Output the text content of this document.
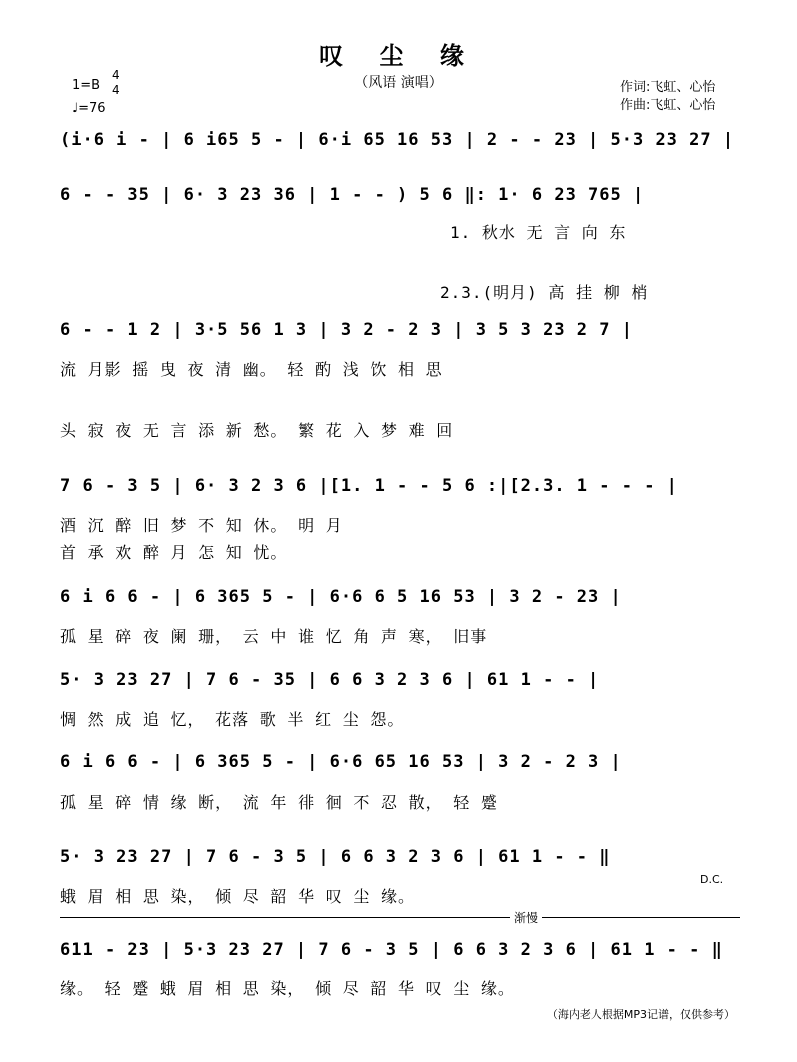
叹 尘 缘
（风语 演唱）
1=B
4
4
♩=76
作词:飞虹、心怡
作曲:飞虹、心怡
(i·6 i - | 6 i65 5 - | 6·i 65 16 53 | 2 - - 23 | 5·3 23 27 |
6 - - 35 | 6· 3 23 36 | 1 - - ) 5 6 ‖: 1· 6 23 765 |
1. 秋水 无 言 向 东
2.3.(明月) 高 挂 柳 梢
6 - - 1 2 | 3·5 56 1 3 | 3 2 - 2 3 | 3 5 3 23 2 7 |
流 月影 摇 曳 夜 清 幽。 轻 酌 浅 饮 相 思
头 寂 夜 无 言 添 新 愁。 繁 花 入 梦 难 回
7 6 - 3 5 | 6· 3 2 3 6 |[1. 1 - - 5 6 :|[2.3. 1 - - - |
酒 沉 醉 旧 梦 不 知 休。 明 月
首 承 欢 醉 月 怎 知 忧。
6 i 6 6 - | 6 365 5 - | 6·6 6 5 16 53 | 3 2 - 23 |
孤 星 碎 夜 阑 珊， 云 中 谁 忆 角 声 寒， 旧事
5· 3 23 27 | 7 6 - 35 | 6 6 3 2 3 6 | 61 1 - - |
惆 然 成 追 忆， 花落 歌 半 红 尘 怨。
6 i 6 6 - | 6 365 5 - | 6·6 65 16 53 | 3 2 - 2 3 |
孤 星 碎 情 缘 断， 流 年 徘 徊 不 忍 散， 轻 蹙
5· 3 23 27 | 7 6 - 3 5 | 6 6 3 2 3 6 | 61 1 - - ‖
蛾 眉 相 思 染， 倾 尽 韶 华 叹 尘 缘。
D.C.
渐慢
611 - 23 | 5·3 23 27 | 7 6 - 3 5 | 6 6 3 2 3 6 | 61 1 - - ‖
缘。 轻 蹙 蛾 眉 相 思 染， 倾 尽 韶 华 叹 尘 缘。
（海内老人根据MP3记谱，仅供参考）
